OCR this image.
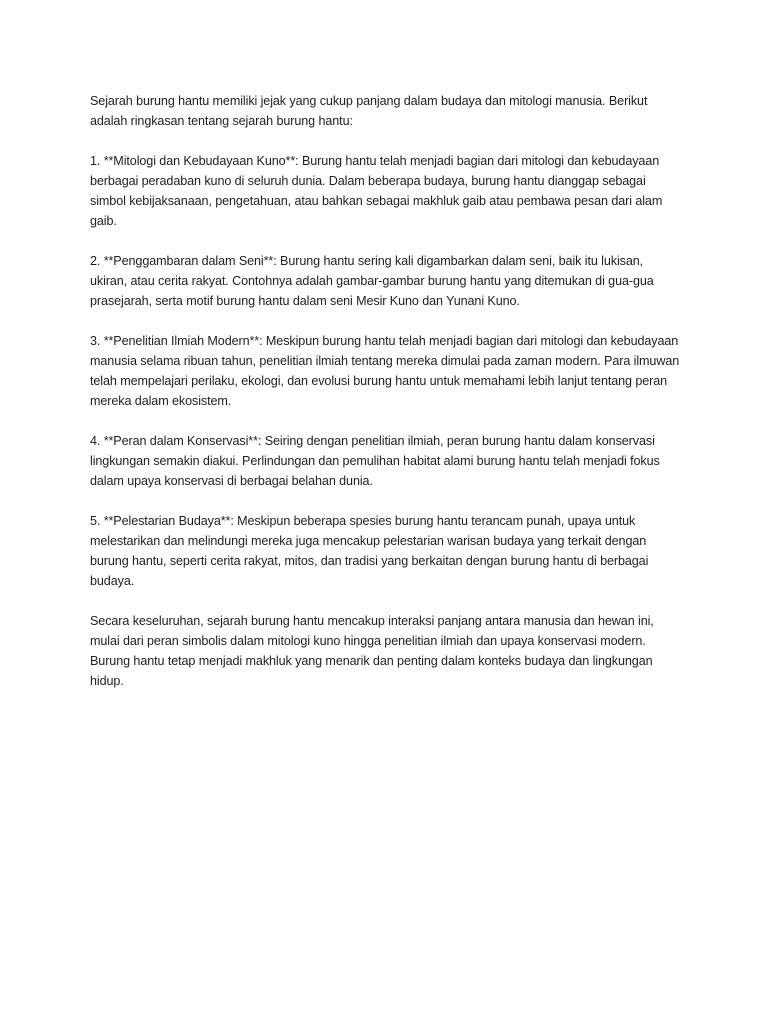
Sejarah burung hantu memiliki jejak yang cukup panjang dalam budaya dan mitologi manusia. Berikut adalah ringkasan tentang sejarah burung hantu:

1. **Mitologi dan Kebudayaan Kuno**: Burung hantu telah menjadi bagian dari mitologi dan kebudayaan berbagai peradaban kuno di seluruh dunia. Dalam beberapa budaya, burung hantu dianggap sebagai simbol kebijaksanaan, pengetahuan, atau bahkan sebagai makhluk gaib atau pembawa pesan dari alam gaib.

2. **Penggambaran dalam Seni**: Burung hantu sering kali digambarkan dalam seni, baik itu lukisan, ukiran, atau cerita rakyat. Contohnya adalah gambar-gambar burung hantu yang ditemukan di gua-gua prasejarah, serta motif burung hantu dalam seni Mesir Kuno dan Yunani Kuno.

3. **Penelitian Ilmiah Modern**: Meskipun burung hantu telah menjadi bagian dari mitologi dan kebudayaan manusia selama ribuan tahun, penelitian ilmiah tentang mereka dimulai pada zaman modern. Para ilmuwan telah mempelajari perilaku, ekologi, dan evolusi burung hantu untuk memahami lebih lanjut tentang peran mereka dalam ekosistem.

4. **Peran dalam Konservasi**: Seiring dengan penelitian ilmiah, peran burung hantu dalam konservasi lingkungan semakin diakui. Perlindungan dan pemulihan habitat alami burung hantu telah menjadi fokus dalam upaya konservasi di berbagai belahan dunia.

5. **Pelestarian Budaya**: Meskipun beberapa spesies burung hantu terancam punah, upaya untuk melestarikan dan melindungi mereka juga mencakup pelestarian warisan budaya yang terkait dengan burung hantu, seperti cerita rakyat, mitos, dan tradisi yang berkaitan dengan burung hantu di berbagai budaya.

Secara keseluruhan, sejarah burung hantu mencakup interaksi panjang antara manusia dan hewan ini, mulai dari peran simbolis dalam mitologi kuno hingga penelitian ilmiah dan upaya konservasi modern. Burung hantu tetap menjadi makhluk yang menarik dan penting dalam konteks budaya dan lingkungan hidup.
